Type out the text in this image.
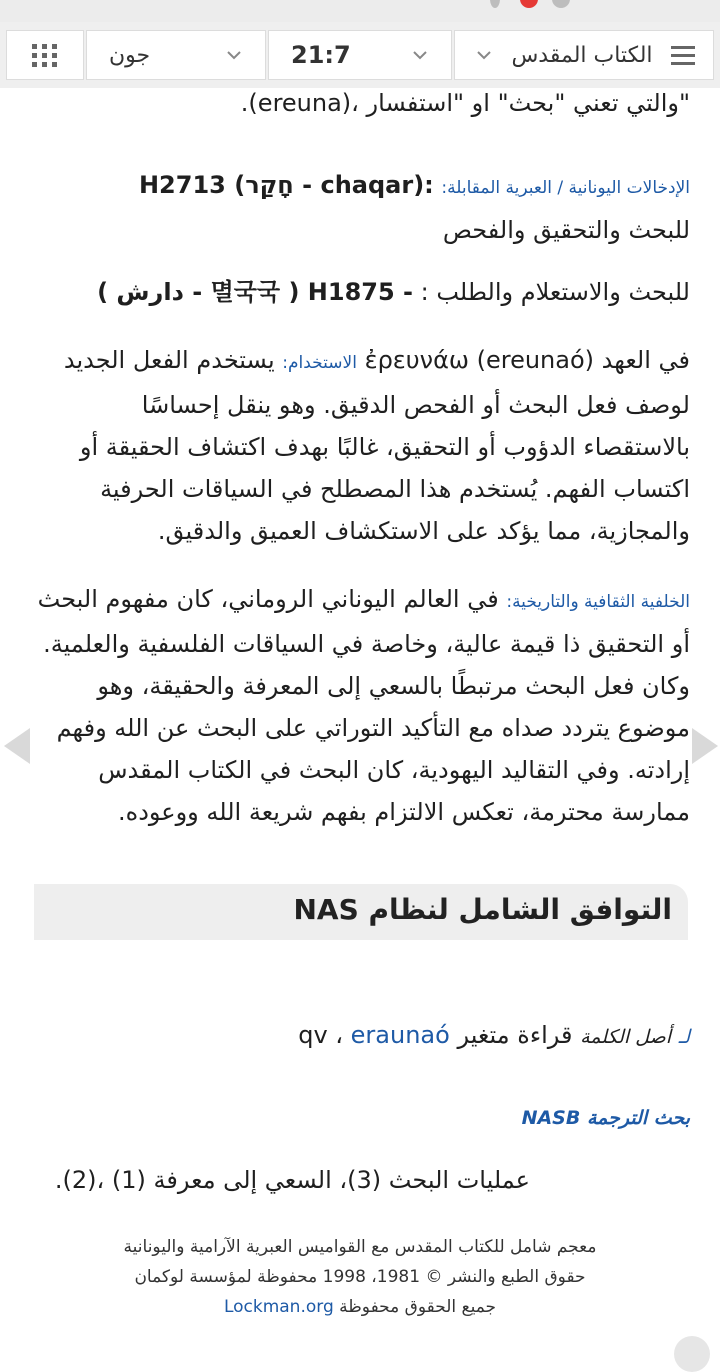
جون	21:7	الكتاب المقدس

"والتي تعني "بحث" او "استفسار ،(ereuna).

الإدخالات اليونانية / العبرية المقابلة: H2713 (חָקַר - chaqar):
للبحث والتحقيق والفحص

للبحث والاستعلام والطلب : ( دارش - 멸국국 ) H1875 -

في العهد ἐρευνάω (ereunaó) الاستخدام: يستخدم الفعل الجديد لوصف فعل البحث أو الفحص الدقيق. وهو ينقل إحساسًا بالاستقصاء الدؤوب أو التحقيق، غالبًا بهدف اكتشاف الحقيقة أو اكتساب الفهم. يُستخدم هذا المصطلح في السياقات الحرفية والمجازية، مما يؤكد على الاستكشاف العميق والدقيق.

الخلفية الثقافية والتاريخية: في العالم اليوناني الروماني، كان مفهوم البحث أو التحقيق ذا قيمة عالية، وخاصة في السياقات الفلسفية والعلمية. وكان فعل البحث مرتبطًا بالسعي إلى المعرفة والحقيقة، وهو موضوع يتردد صداه مع التأكيد التوراتي على البحث عن الله وفهم إرادته. وفي التقاليد اليهودية، كان البحث في الكتاب المقدس ممارسة محترمة، تعكس الالتزام بفهم شريعة الله ووعوده.

التوافق الشامل لنظام NAS
لـ أصل الكلمة قراءة متغير eraunaó ، qv
بحث الترجمة NASB
عمليات البحث (3)، السعي إلى معرفة (1) ،(2).
معجم شامل للكتاب المقدس مع القواميس العبرية الآرامية واليونانية
حقوق الطبع والنشر © 1981، 1998 محفوظة لمؤسسة لوكمان
جميع الحقوق محفوظة Lockman.org
